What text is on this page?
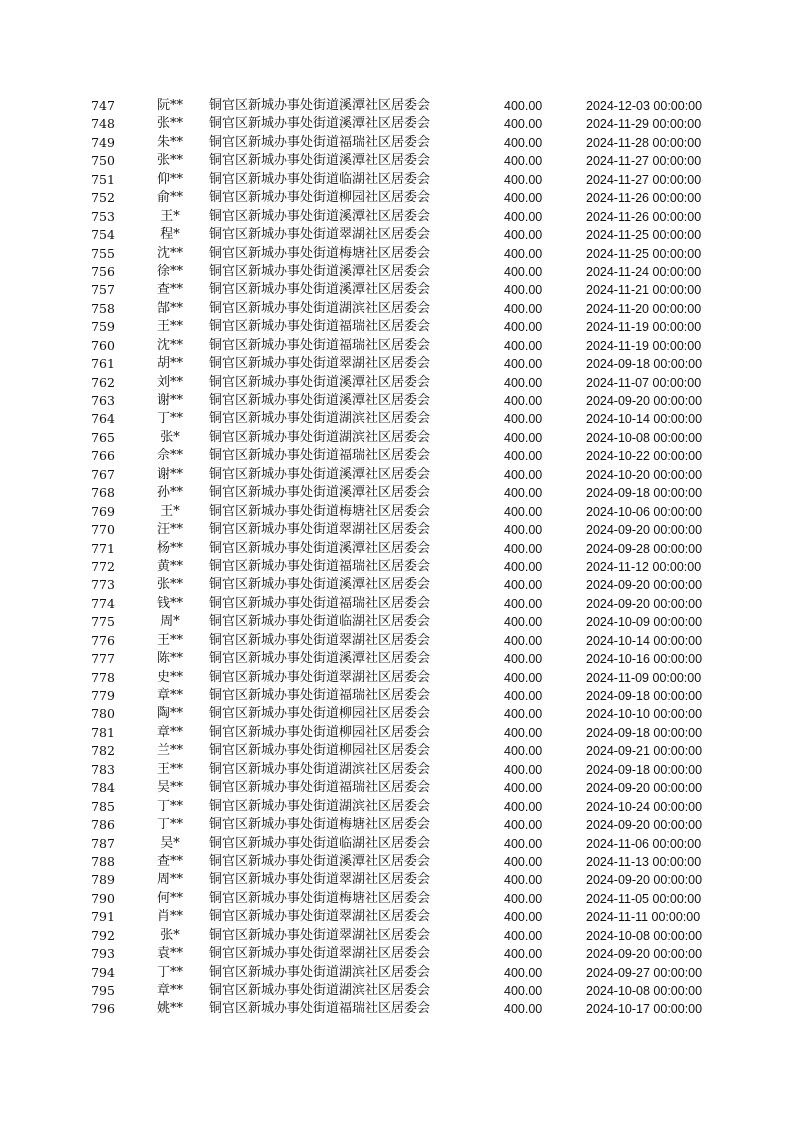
747	阮**	铜官区新城办事处街道溪潭社区居委会	400.00	2024-12-03 00:00:00
748	张**	铜官区新城办事处街道溪潭社区居委会	400.00	2024-11-29 00:00:00
749	朱**	铜官区新城办事处街道福瑞社区居委会	400.00	2024-11-28 00:00:00
750	张**	铜官区新城办事处街道溪潭社区居委会	400.00	2024-11-27 00:00:00
751	仰**	铜官区新城办事处街道临湖社区居委会	400.00	2024-11-27 00:00:00
752	俞**	铜官区新城办事处街道柳园社区居委会	400.00	2024-11-26 00:00:00
753	王*	铜官区新城办事处街道溪潭社区居委会	400.00	2024-11-26 00:00:00
754	程*	铜官区新城办事处街道翠湖社区居委会	400.00	2024-11-25 00:00:00
755	沈**	铜官区新城办事处街道梅塘社区居委会	400.00	2024-11-25 00:00:00
756	徐**	铜官区新城办事处街道溪潭社区居委会	400.00	2024-11-24 00:00:00
757	查**	铜官区新城办事处街道溪潭社区居委会	400.00	2024-11-21 00:00:00
758	郜**	铜官区新城办事处街道湖滨社区居委会	400.00	2024-11-20 00:00:00
759	王**	铜官区新城办事处街道福瑞社区居委会	400.00	2024-11-19 00:00:00
760	沈**	铜官区新城办事处街道福瑞社区居委会	400.00	2024-11-19 00:00:00
761	胡**	铜官区新城办事处街道翠湖社区居委会	400.00	2024-09-18 00:00:00
762	刘**	铜官区新城办事处街道溪潭社区居委会	400.00	2024-11-07 00:00:00
763	谢**	铜官区新城办事处街道溪潭社区居委会	400.00	2024-09-20 00:00:00
764	丁**	铜官区新城办事处街道湖滨社区居委会	400.00	2024-10-14 00:00:00
765	张*	铜官区新城办事处街道湖滨社区居委会	400.00	2024-10-08 00:00:00
766	佘**	铜官区新城办事处街道福瑞社区居委会	400.00	2024-10-22 00:00:00
767	谢**	铜官区新城办事处街道溪潭社区居委会	400.00	2024-10-20 00:00:00
768	孙**	铜官区新城办事处街道溪潭社区居委会	400.00	2024-09-18 00:00:00
769	王*	铜官区新城办事处街道梅塘社区居委会	400.00	2024-10-06 00:00:00
770	汪**	铜官区新城办事处街道翠湖社区居委会	400.00	2024-09-20 00:00:00
771	杨**	铜官区新城办事处街道溪潭社区居委会	400.00	2024-09-28 00:00:00
772	黄**	铜官区新城办事处街道福瑞社区居委会	400.00	2024-11-12 00:00:00
773	张**	铜官区新城办事处街道溪潭社区居委会	400.00	2024-09-20 00:00:00
774	钱**	铜官区新城办事处街道福瑞社区居委会	400.00	2024-09-20 00:00:00
775	周*	铜官区新城办事处街道临湖社区居委会	400.00	2024-10-09 00:00:00
776	王**	铜官区新城办事处街道翠湖社区居委会	400.00	2024-10-14 00:00:00
777	陈**	铜官区新城办事处街道溪潭社区居委会	400.00	2024-10-16 00:00:00
778	史**	铜官区新城办事处街道翠湖社区居委会	400.00	2024-11-09 00:00:00
779	章**	铜官区新城办事处街道福瑞社区居委会	400.00	2024-09-18 00:00:00
780	陶**	铜官区新城办事处街道柳园社区居委会	400.00	2024-10-10 00:00:00
781	章**	铜官区新城办事处街道柳园社区居委会	400.00	2024-09-18 00:00:00
782	兰**	铜官区新城办事处街道柳园社区居委会	400.00	2024-09-21 00:00:00
783	王**	铜官区新城办事处街道湖滨社区居委会	400.00	2024-09-18 00:00:00
784	吴**	铜官区新城办事处街道福瑞社区居委会	400.00	2024-09-20 00:00:00
785	丁**	铜官区新城办事处街道湖滨社区居委会	400.00	2024-10-24 00:00:00
786	丁**	铜官区新城办事处街道梅塘社区居委会	400.00	2024-09-20 00:00:00
787	吴*	铜官区新城办事处街道临湖社区居委会	400.00	2024-11-06 00:00:00
788	查**	铜官区新城办事处街道溪潭社区居委会	400.00	2024-11-13 00:00:00
789	周**	铜官区新城办事处街道翠湖社区居委会	400.00	2024-09-20 00:00:00
790	何**	铜官区新城办事处街道梅塘社区居委会	400.00	2024-11-05 00:00:00
791	肖**	铜官区新城办事处街道翠湖社区居委会	400.00	2024-11-11 00:00:00
792	张*	铜官区新城办事处街道翠湖社区居委会	400.00	2024-10-08 00:00:00
793	袁**	铜官区新城办事处街道翠湖社区居委会	400.00	2024-09-20 00:00:00
794	丁**	铜官区新城办事处街道湖滨社区居委会	400.00	2024-09-27 00:00:00
795	章**	铜官区新城办事处街道湖滨社区居委会	400.00	2024-10-08 00:00:00
796	姚**	铜官区新城办事处街道福瑞社区居委会	400.00	2024-10-17 00:00:00
